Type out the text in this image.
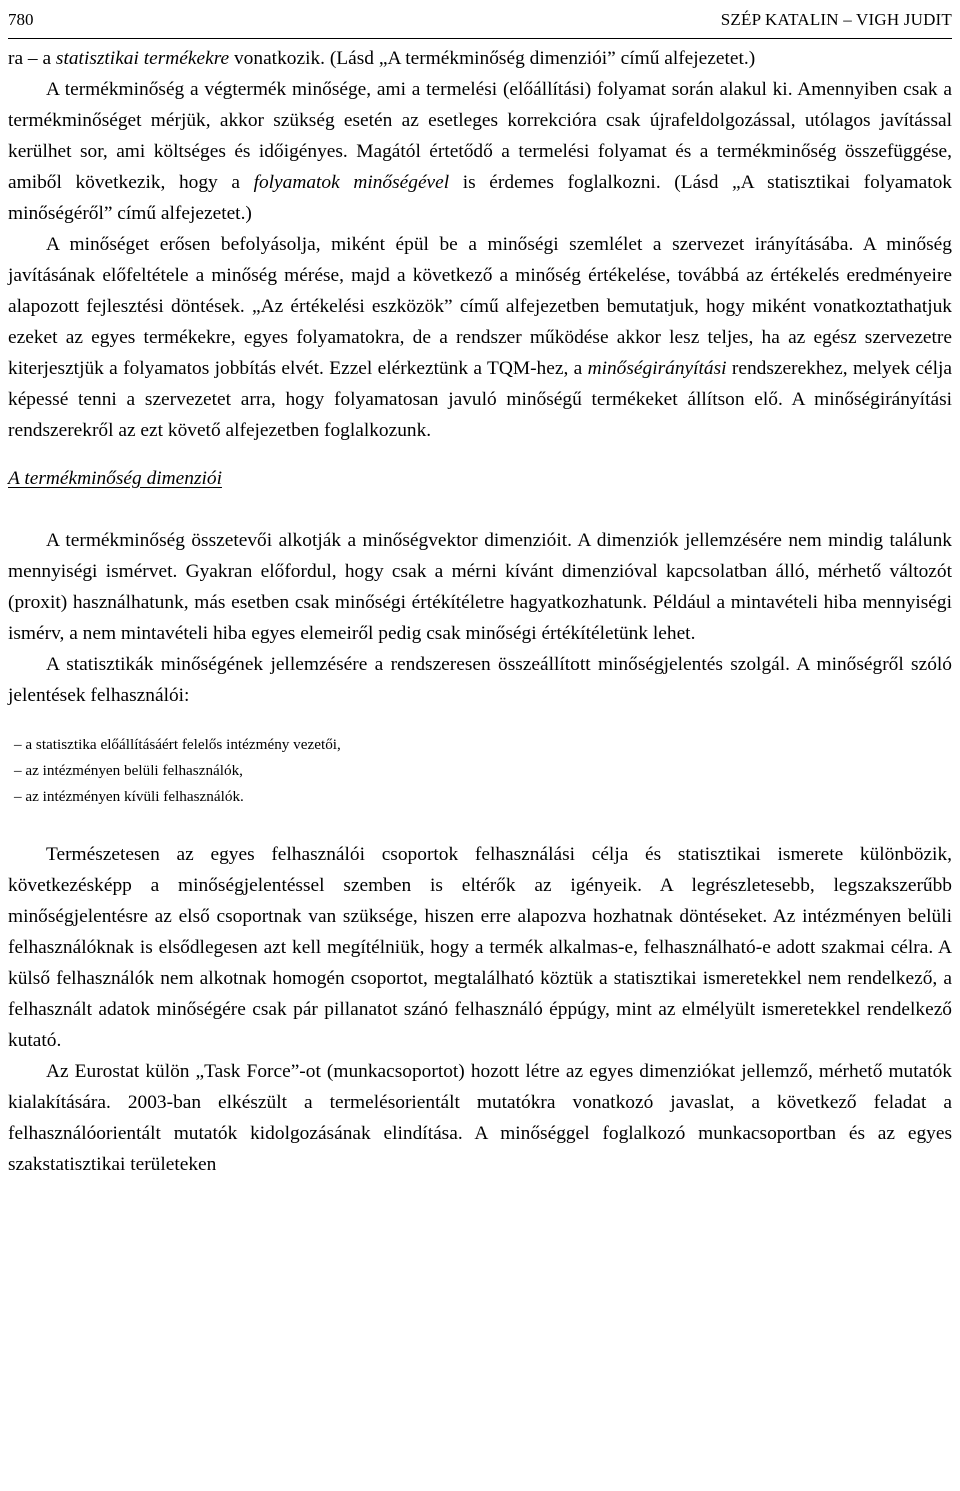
780	SZÉP KATALIN – VIGH JUDIT

ra – a statisztikai termékekre vonatkozik. (Lásd „A termékminőség dimenziói” című alfejezetet.)

A termékminőség a végtermék minősége, ami a termelési (előállítási) folyamat során alakul ki. Amennyiben csak a termékminőséget mérjük, akkor szükség esetén az esetleges korrekcióra csak újrafeldolgozással, utólagos javítással kerülhet sor, ami költséges és időigényes. Magától értetődő a termelési folyamat és a termékminőség összefüggése, amiből következik, hogy a folyamatok minőségével is érdemes foglalkozni. (Lásd „A statisztikai folyamatok minőségéről” című alfejezetet.)

A minőséget erősen befolyásolja, miként épül be a minőségi szemlélet a szervezet irányításába. A minőség javításának előfeltétele a minőség mérése, majd a következő a minőség értékelése, továbbá az értékelés eredményeire alapozott fejlesztési döntések. „Az értékelési eszközök” című alfejezetben bemutatjuk, hogy miként vonatkoztathatjuk ezeket az egyes termékekre, egyes folyamatokra, de a rendszer működése akkor lesz teljes, ha az egész szervezetre kiterjesztjük a folyamatos jobbítás elvét. Ezzel elérkeztünk a TQM-hez, a minőségirányítási rendszerekhez, melyek célja képessé tenni a szervezetet arra, hogy folyamatosan javuló minőségű termékeket állítson elő. A minőségirányítási rendszerekről az ezt követő alfejezetben foglalkozunk.

A termékminőség dimenziói

A termékminőség összetevői alkotják a minőségvektor dimenzióit. A dimenziók jellemzésére nem mindig találunk mennyiségi ismérvet. Gyakran előfordul, hogy csak a mérni kívánt dimenzióval kapcsolatban álló, mérhető változót (proxit) használhatunk, más esetben csak minőségi értékítéletre hagyatkozhatunk. Például a mintavételi hiba mennyiségi ismérv, a nem mintavételi hiba egyes elemeiről pedig csak minőségi értékítéletünk lehet.

A statisztikák minőségének jellemzésére a rendszeresen összeállított minőségjelentés szolgál. A minőségről szóló jelentések felhasználói:

– a statisztika előállításáért felelős intézmény vezetői,
– az intézményen belüli felhasználók,
– az intézményen kívüli felhasználók.

Természetesen az egyes felhasználói csoportok felhasználási célja és statisztikai ismerete különbözik, következésképp a minőségjelentéssel szemben is eltérők az igényeik. A legrészletesebb, legszakszerűbb minőségjelentésre az első csoportnak van szüksége, hiszen erre alapozva hozhatnak döntéseket. Az intézményen belüli felhasználóknak is elsődlegesen azt kell megítélniük, hogy a termék alkalmas-e, felhasználható-e adott szakmai célra. A külső felhasználók nem alkotnak homogén csoportot, megtalálható köztük a statisztikai ismeretekkel nem rendelkező, a felhasznált adatok minőségére csak pár pillanatot szánó felhasználó éppúgy, mint az elmélyült ismeretekkel rendelkező kutató.

Az Eurostat külön „Task Force”-ot (munkacsoportot) hozott létre az egyes dimenziókat jellemző, mérhető mutatók kialakítására. 2003-ban elkészült a termelésorientált mutatókra vonatkozó javaslat, a következő feladat a felhasználóorientált mutatók kidolgozásának elindítása. A minőséggel foglalkozó munkacsoportban és az egyes szakstatisztikai területeken
